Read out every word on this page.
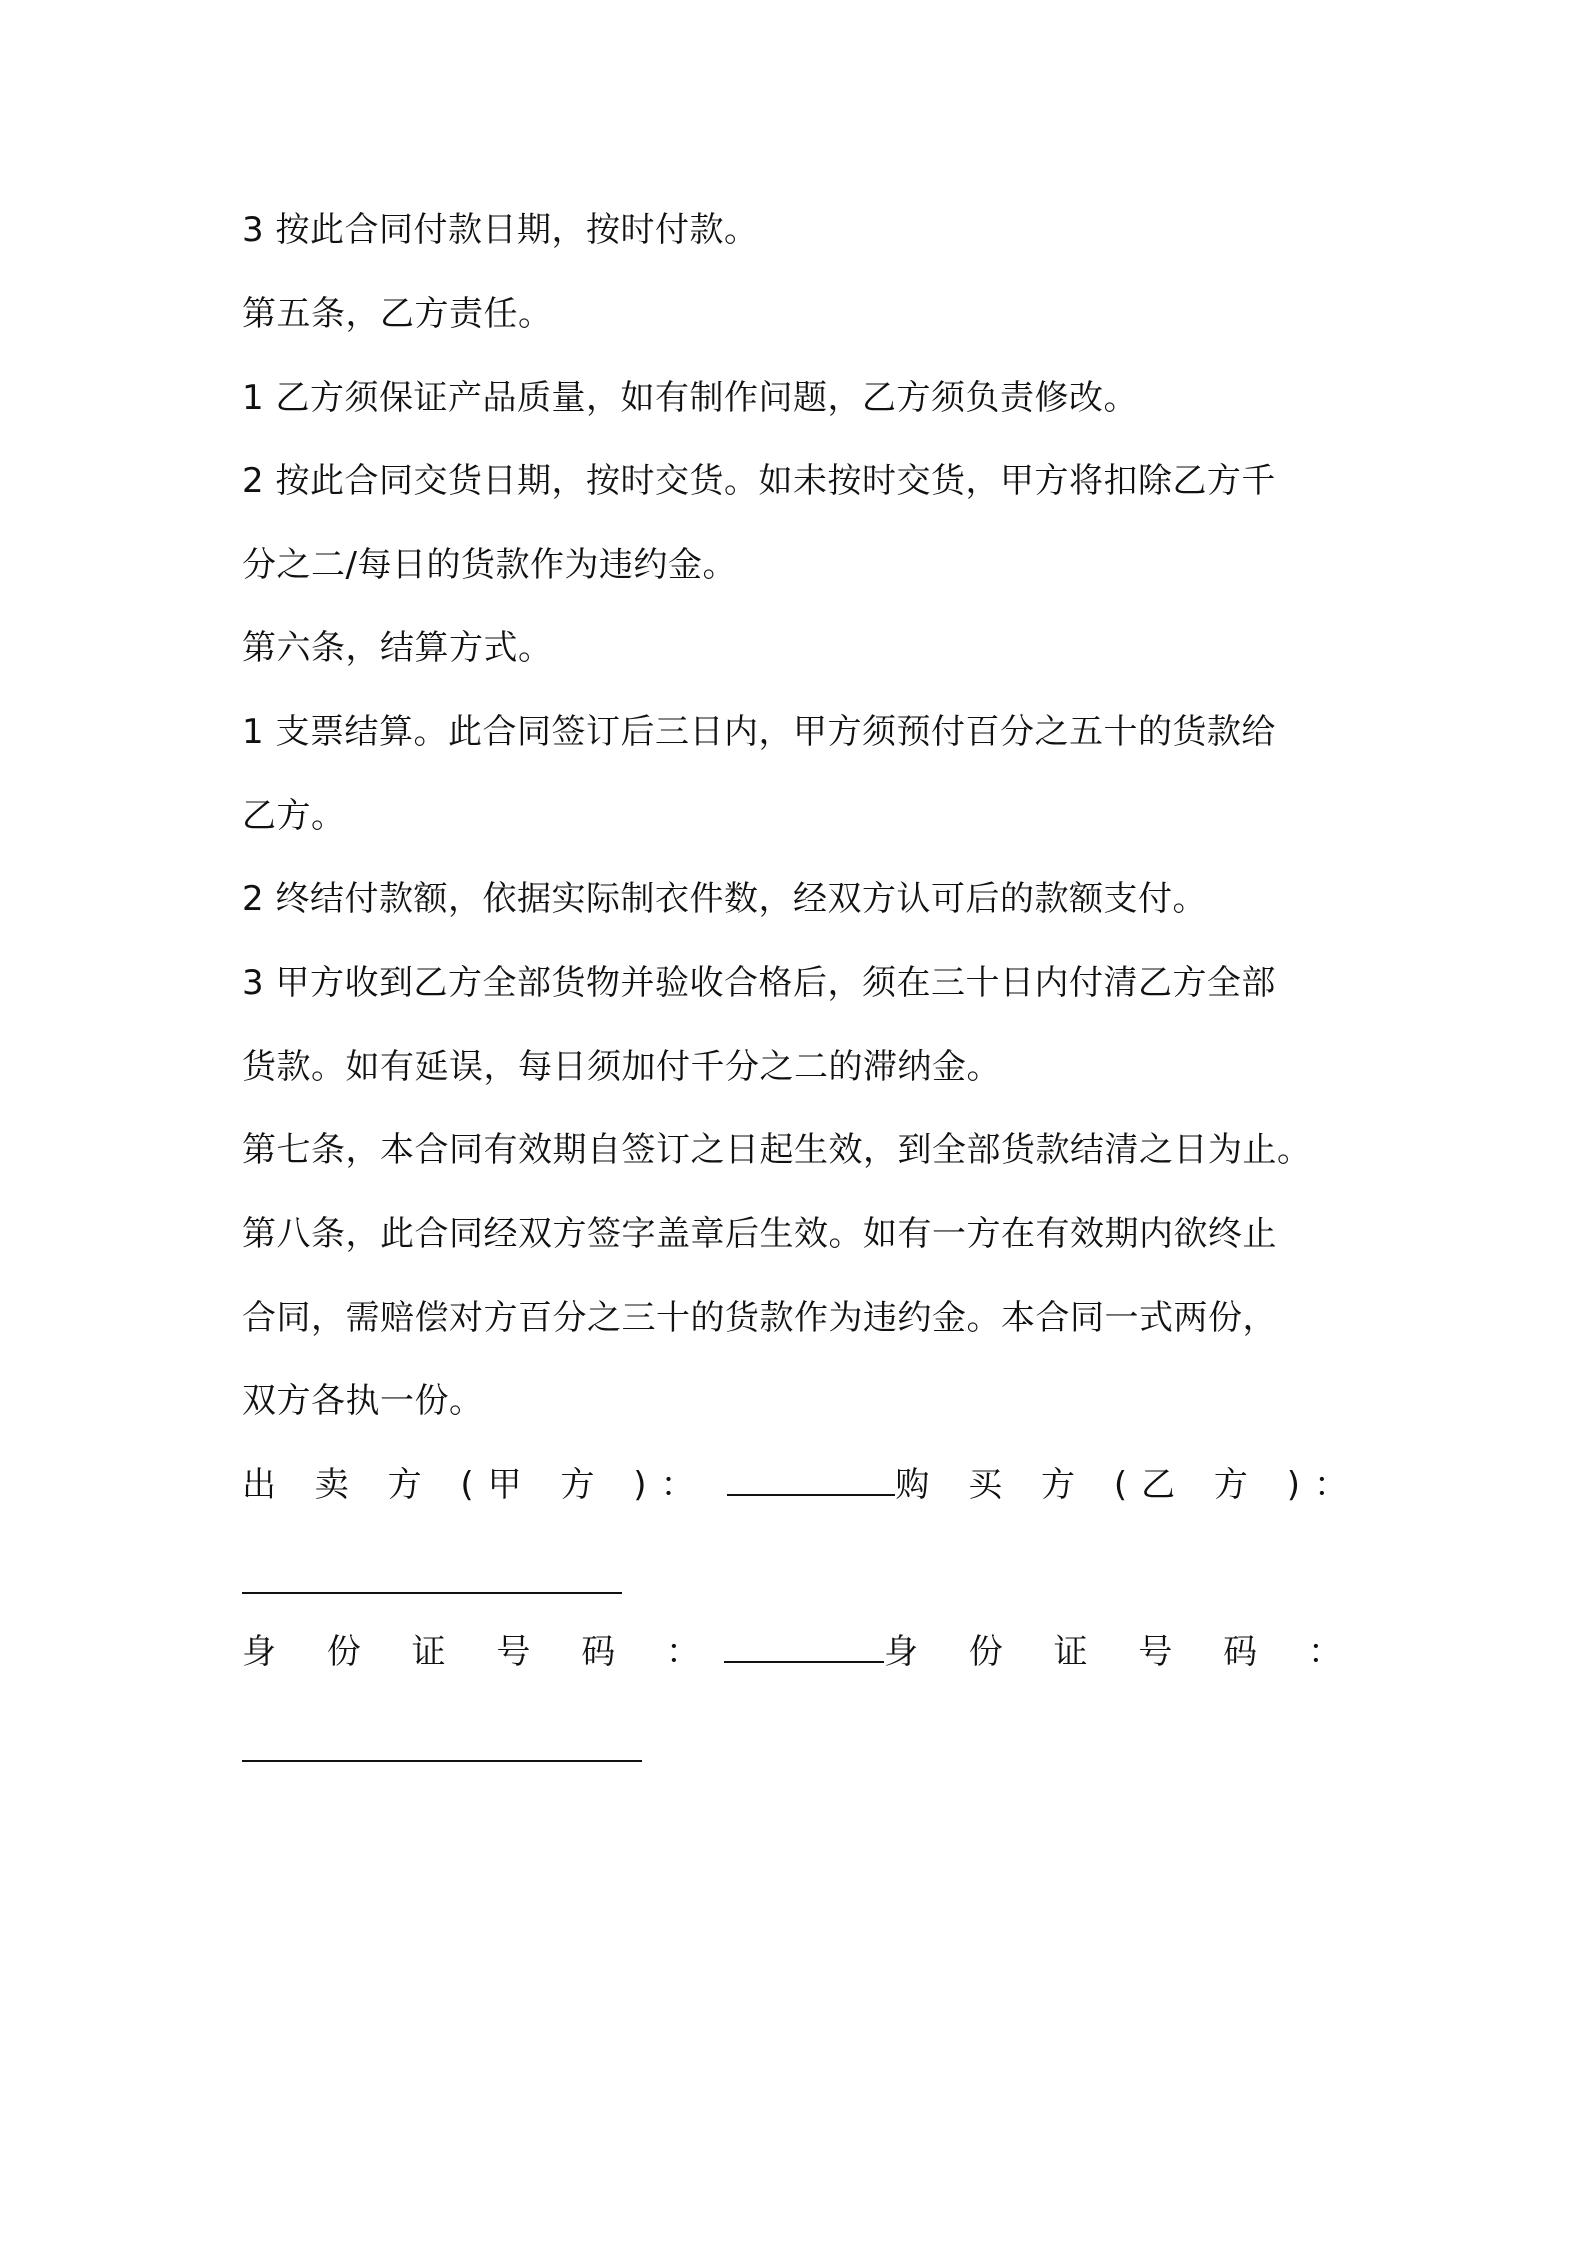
3 按此合同付款日期，按时付款。
第五条，乙方责任。
1 乙方须保证产品质量，如有制作问题，乙方须负责修改。
2 按此合同交货日期，按时交货。如未按时交货，甲方将扣除乙方千
分之二/每日的货款作为违约金。
第六条，结算方式。
1 支票结算。此合同签订后三日内，甲方须预付百分之五十的货款给
乙方。
2 终结付款额，依据实际制衣件数，经双方认可后的款额支付。
3 甲方收到乙方全部货物并验收合格后，须在三十日内付清乙方全部
货款。如有延误，每日须加付千分之二的滞纳金。
第七条，本合同有效期自签订之日起生效，到全部货款结清之日为止。
第八条，此合同经双方签字盖章后生效。如有一方在有效期内欲终止
合同，需赔偿对方百分之三十的货款作为违约金。本合同一式两份，
双方各执一份。
出 卖 方 (甲 方 )：	购 买 方 (乙 方 )：
身 份 证 号 码 ：	身 份 证 号 码 ：
